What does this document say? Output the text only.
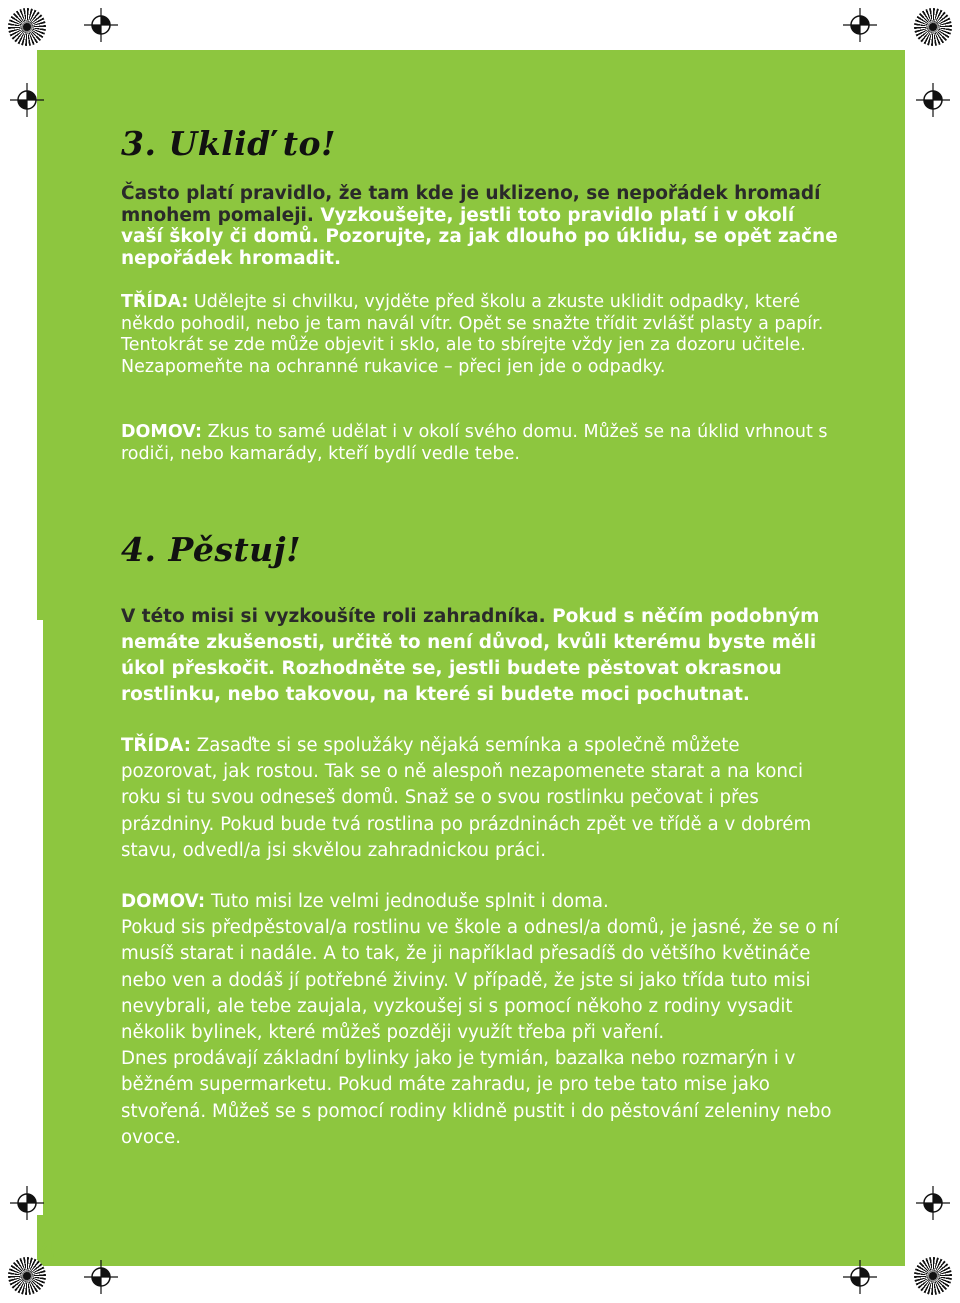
3. Ukliď to!

Často platí pravidlo, že tam kde je uklizeno, se nepořádek hromadí mnohem pomaleji. Vyzkoušejte, jestli toto pravidlo platí i v okolí vaší školy či domů. Pozorujte, za jak dlouho po úklidu, se opět začne nepořádek hromadit.

TŘÍDA: Udělejte si chvilku, vyjděte před školu a zkuste uklidit odpadky, které někdo pohodil, nebo je tam navál vítr. Opět se snažte třídit zvlášť plasty a papír. Tentokrát se zde může objevit i sklo, ale to sbírejte vždy jen za dozoru učitele. Nezapomeňte na ochranné rukavice – přeci jen jde o odpadky.

DOMOV: Zkus to samé udělat i v okolí svého domu. Můžeš se na úklid vrhnout s rodiči, nebo kamarády, kteří bydlí vedle tebe.

4. Pěstuj!

V této misi si vyzkoušíte roli zahradníka. Pokud s něčím podobným nemáte zkušenosti, určitě to není důvod, kvůli kterému byste měli úkol přeskočit. Rozhodněte se, jestli budete pěstovat okrasnou rostlinku, nebo takovou, na které si budete moci pochutnat.

TŘÍDA: Zasaďte si se spolužáky nějaká semínka a společně můžete pozorovat, jak rostou. Tak se o ně alespoň nezapomenete starat a na konci roku si tu svou odneseš domů. Snaž se o svou rostlinku pečovat i přes prázdniny. Pokud bude tvá rostlina po prázdninách zpět ve třídě a v dobrém stavu, odvedl/a jsi skvělou zahradnickou práci.

DOMOV: Tuto misi lze velmi jednoduše splnit i doma.
Pokud sis předpěstoval/a rostlinu ve škole a odnesl/a domů, je jasné, že se o ní musíš starat i nadále. A to tak, že ji například přesadíš do většího květináče nebo ven a dodáš jí potřebné živiny. V případě, že jste si jako třída tuto misi nevybrali, ale tebe zaujala, vyzkoušej si s pomocí někoho z rodiny vysadit několik bylinek, které můžeš později využít třeba při vaření.
Dnes prodávají základní bylinky jako je tymián, bazalka nebo rozmarýn i v běžném supermarketu. Pokud máte zahradu, je pro tebe tato mise jako stvořená. Můžeš se s pomocí rodiny klidně pustit i do pěstování zeleniny nebo ovoce.

4
